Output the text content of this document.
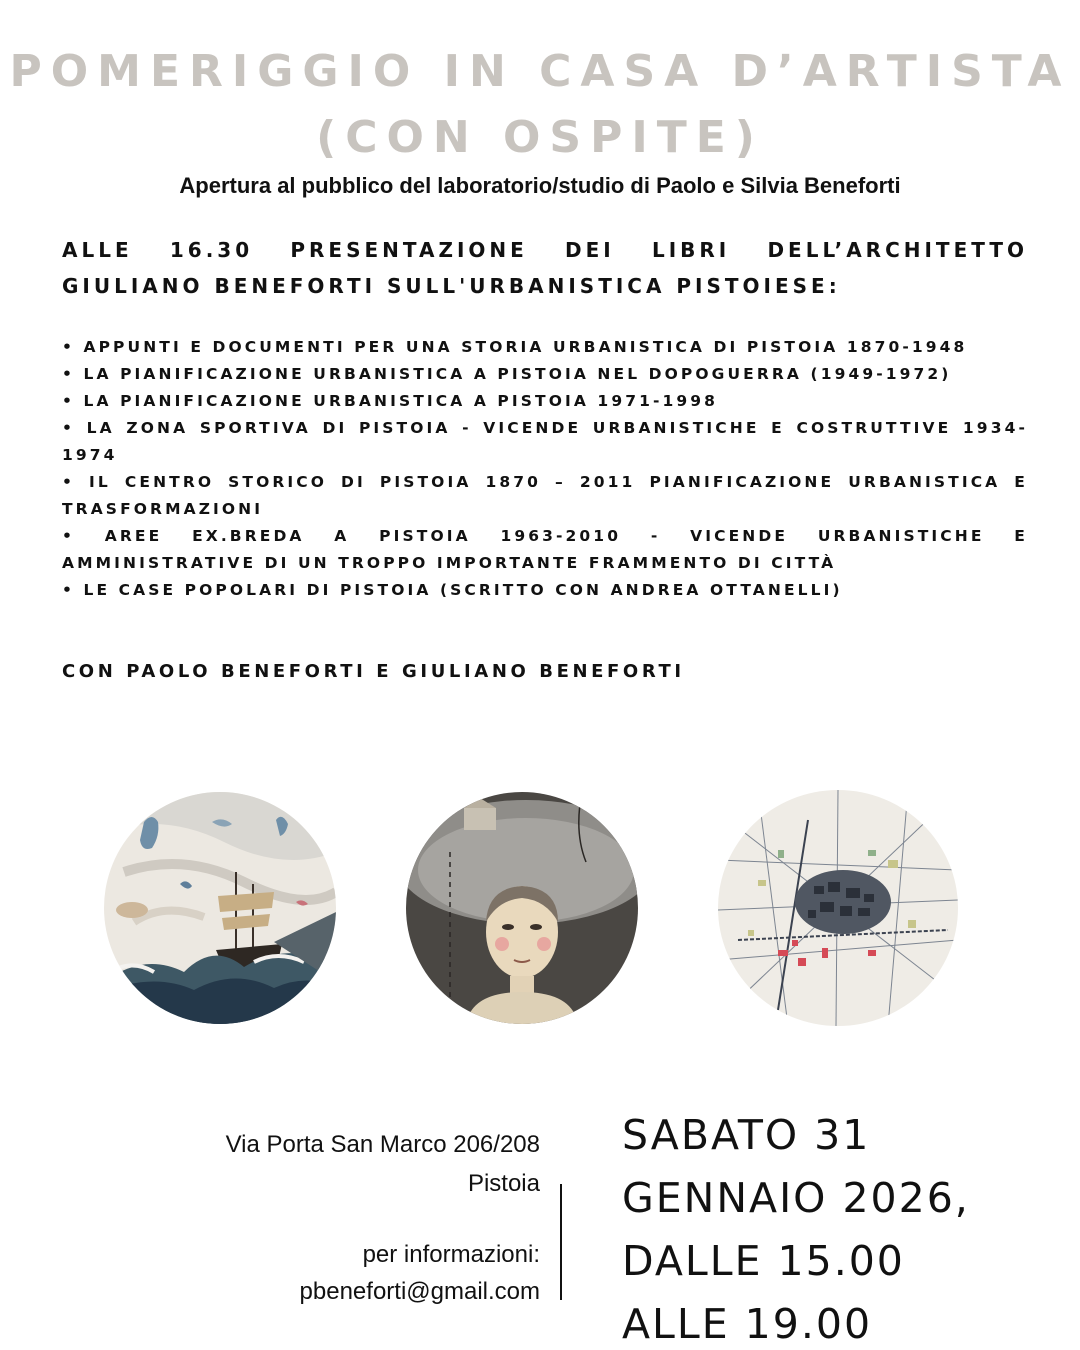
POMERIGGIO IN CASA D’ARTISTA
(CON OSPITE)
Apertura al pubblico del laboratorio/studio di Paolo e Silvia Beneforti
ALLE 16.30 PRESENTAZIONE DEI LIBRI DELL’ARCHITETTO GIULIANO BENEFORTI SULL'URBANISTICA PISTOIESE:
• APPUNTI E DOCUMENTI PER UNA STORIA URBANISTICA DI PISTOIA 1870-1948
• LA PIANIFICAZIONE URBANISTICA A PISTOIA NEL DOPOGUERRA (1949-1972)
• LA PIANIFICAZIONE URBANISTICA A PISTOIA 1971-1998
• LA ZONA SPORTIVA DI PISTOIA - VICENDE URBANISTICHE E COSTRUTTIVE 1934-1974
• IL CENTRO STORICO DI PISTOIA 1870 – 2011 PIANIFICAZIONE URBANISTICA E TRASFORMAZIONI
• AREE EX.BREDA A PISTOIA 1963-2010 - VICENDE URBANISTICHE E AMMINISTRATIVE DI UN TROPPO IMPORTANTE FRAMMENTO DI CITTÀ
• LE CASE POPOLARI DI PISTOIA (SCRITTO CON ANDREA OTTANELLI)
CON PAOLO BENEFORTI E GIULIANO BENEFORTI
Via Porta San Marco 206/208
Pistoia
per informazioni:
pbeneforti@gmail.com
SABATO 31
GENNAIO 2026,
DALLE 15.00
ALLE 19.00
